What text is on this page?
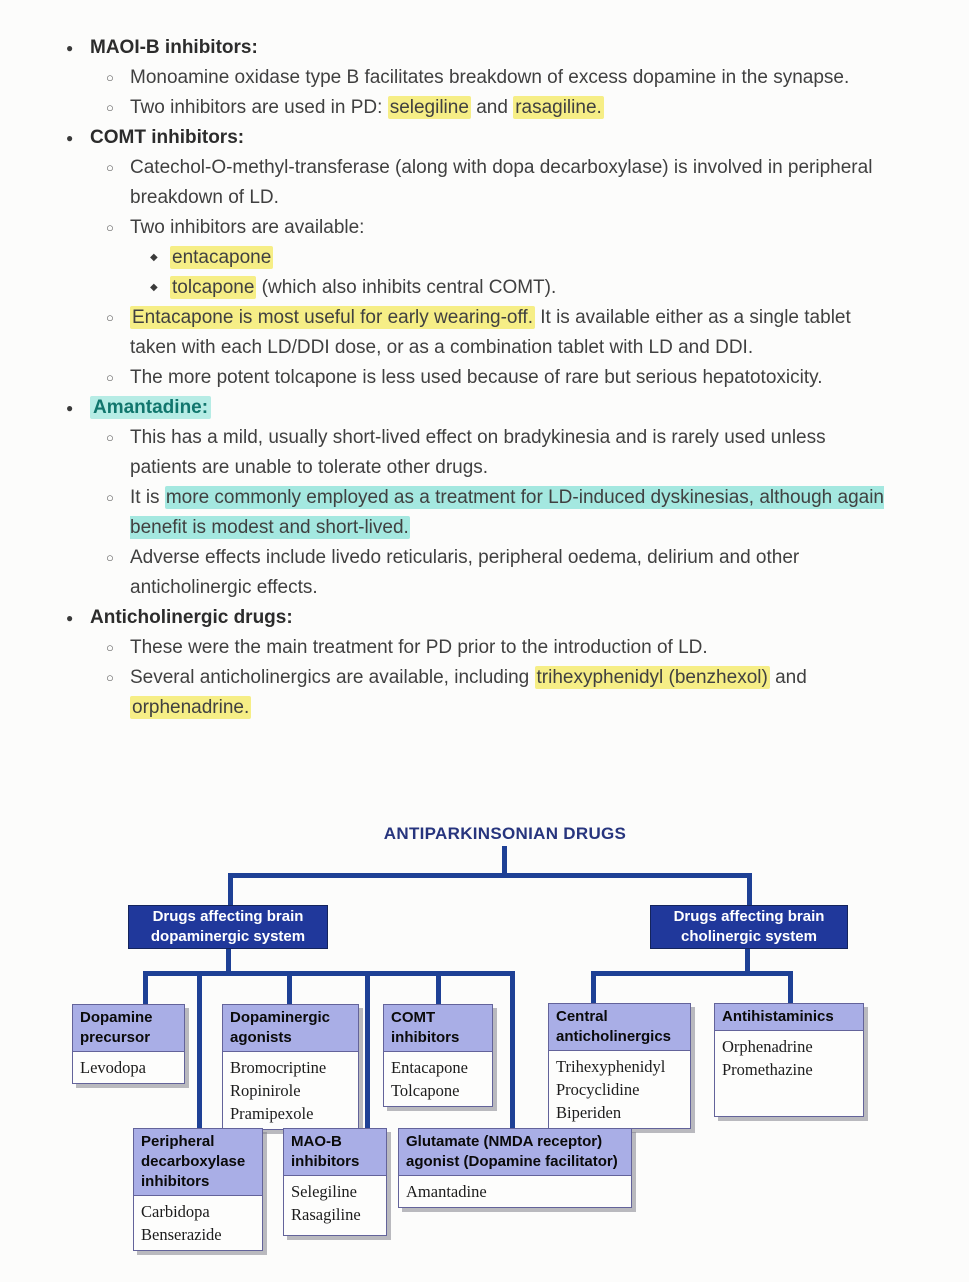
● MAOI-B inhibitors:
○ Monoamine oxidase type B facilitates breakdown of excess dopamine in the synapse.
○ Two inhibitors are used in PD: selegiline and rasagiline.
● COMT inhibitors:
○ Catechol-O-methyl-transferase (along with dopa decarboxylase) is involved in peripheral breakdown of LD.
○ Two inhibitors are available:
◆ entacapone
◆ tolcapone (which also inhibits central COMT).
○ Entacapone is most useful for early wearing-off. It is available either as a single tablet taken with each LD/DDI dose, or as a combination tablet with LD and DDI.
○ The more potent tolcapone is less used because of rare but serious hepatotoxicity.
●	Amantadine:
○ This has a mild, usually short-lived effect on bradykinesia and is rarely used unless patients are unable to tolerate other drugs.
○ It is more commonly employed as a treatment for LD-induced dyskinesias, although again benefit is modest and short-lived.
○ Adverse effects include livedo reticularis, peripheral oedema, delirium and other anticholinergic effects.
● Anticholinergic drugs:
○ These were the main treatment for PD prior to the introduction of LD.
○ Several anticholinergics are available, including trihexyphenidyl (benzhexol) and orphenadrine.
ANTIPARKINSONIAN DRUGS
Drugs affecting brain dopaminergic system
Drugs affecting brain cholinergic system
Dopamine precursor
Levodopa
Dopaminergic agonists
Bromocriptine
Ropinirole
Pramipexole
COMT inhibitors
Entacapone
Tolcapone
Central anticholinergics
Trihexyphenidyl
Procyclidine
Biperiden
Antihistaminics
Orphenadrine
Promethazine
Peripheral decarboxylase inhibitors
Carbidopa
Benserazide
MAO-B inhibitors
Selegiline
Rasagiline
Glutamate (NMDA receptor) agonist (Dopamine facilitator)
Amantadine
